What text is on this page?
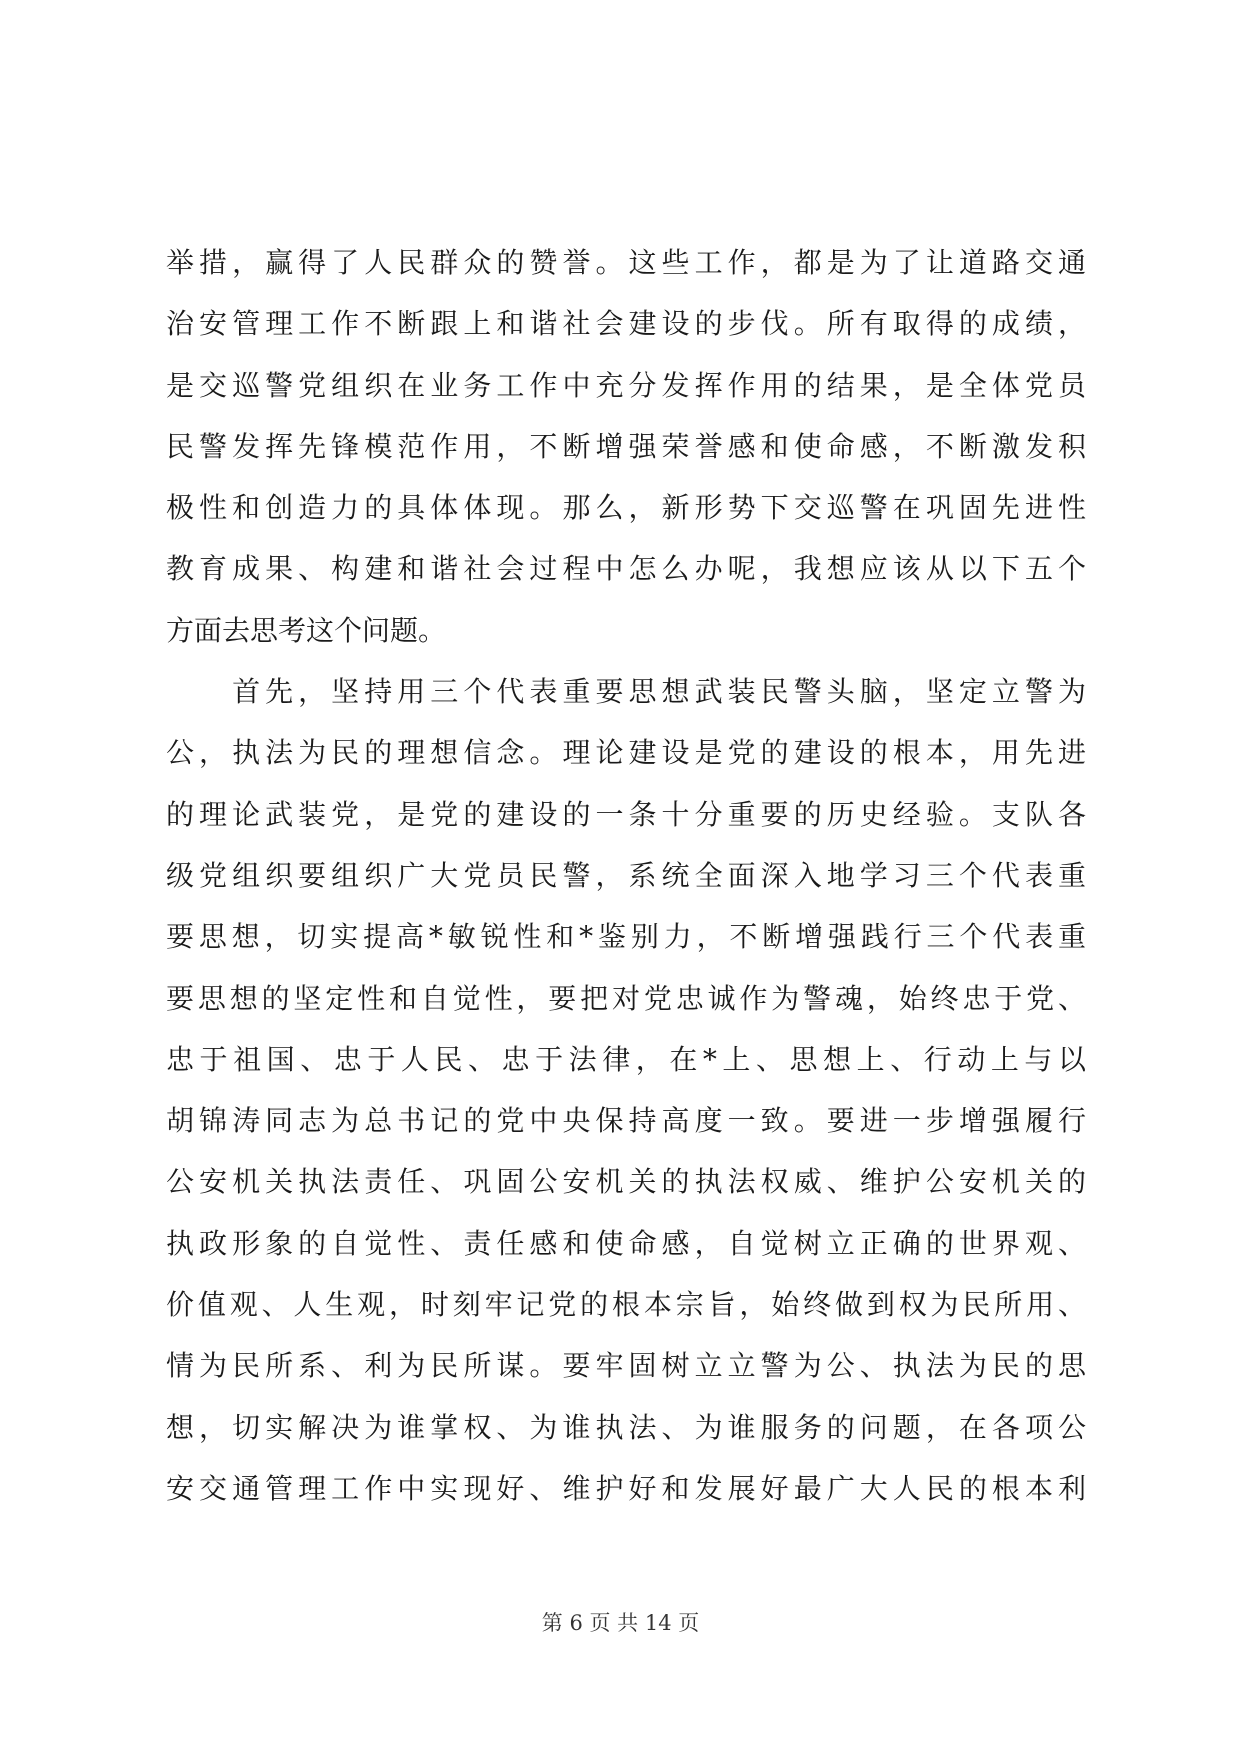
举措，赢得了人民群众的赞誉。这些工作，都是为了让道路交通
治安管理工作不断跟上和谐社会建设的步伐。所有取得的成绩，
是交巡警党组织在业务工作中充分发挥作用的结果，是全体党员
民警发挥先锋模范作用，不断增强荣誉感和使命感，不断激发积
极性和创造力的具体体现。那么，新形势下交巡警在巩固先进性
教育成果、构建和谐社会过程中怎么办呢，我想应该从以下五个
方面去思考这个问题。
　　首先，坚持用三个代表重要思想武装民警头脑，坚定立警为
公，执法为民的理想信念。理论建设是党的建设的根本，用先进
的理论武装党，是党的建设的一条十分重要的历史经验。支队各
级党组织要组织广大党员民警，系统全面深入地学习三个代表重
要思想，切实提高*敏锐性和*鉴别力，不断增强践行三个代表重
要思想的坚定性和自觉性，要把对党忠诚作为警魂，始终忠于党、
忠于祖国、忠于人民、忠于法律，在*上、思想上、行动上与以
胡锦涛同志为总书记的党中央保持高度一致。要进一步增强履行
公安机关执法责任、巩固公安机关的执法权威、维护公安机关的
执政形象的自觉性、责任感和使命感，自觉树立正确的世界观、
价值观、人生观，时刻牢记党的根本宗旨，始终做到权为民所用、
情为民所系、利为民所谋。要牢固树立立警为公、执法为民的思
想，切实解决为谁掌权、为谁执法、为谁服务的问题，在各项公
安交通管理工作中实现好、维护好和发展好最广大人民的根本利
第 6 页 共 14 页
